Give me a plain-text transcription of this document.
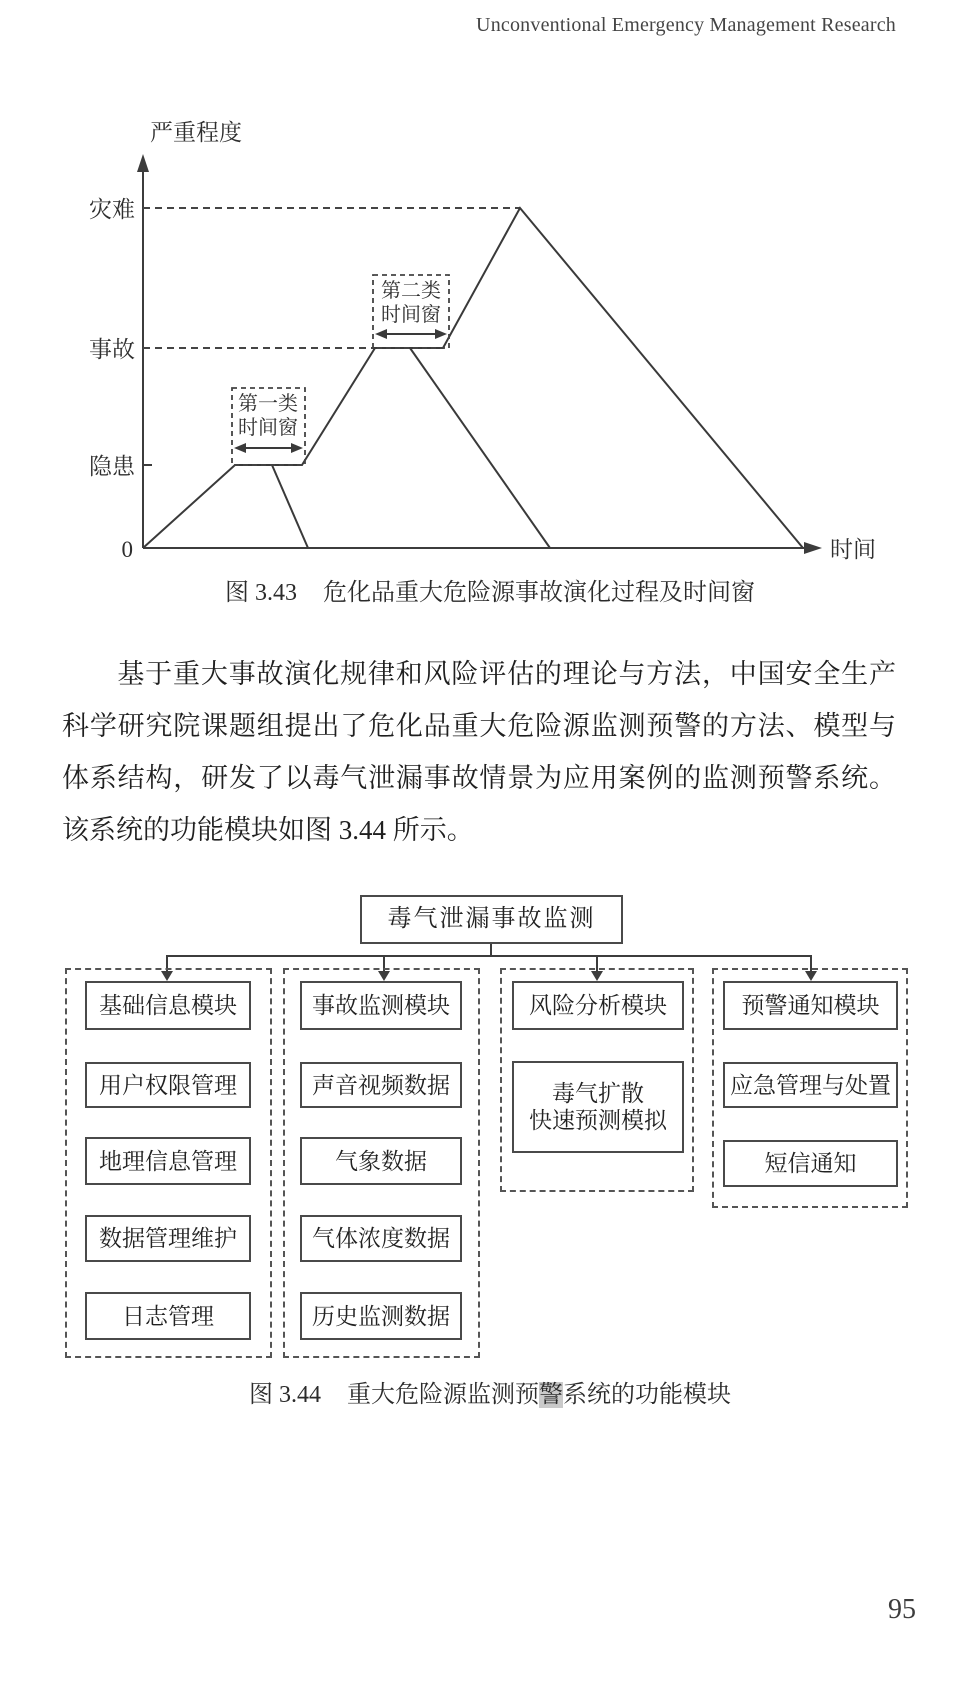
Unconventional Emergency Management Research
严重程度
时间
灾难
事故
隐患
0
第一类
时间窗
第二类
时间窗
图 3.43 危化品重大危险源事故演化过程及时间窗
基于重大事故演化规律和风险评估的理论与方法，中国安全生产科学研究院课题组提出了危化品重大危险源监测预警的方法、模型与体系结构，研发了以毒气泄漏事故情景为应用案例的监测预警系统。该系统的功能模块如图 3.44 所示。
毒气泄漏事故监测
基础信息模块
用户权限管理
地理信息管理
数据管理维护
日志管理
事故监测模块
声音视频数据
气象数据
气体浓度数据
历史监测数据
风险分析模块
毒气扩散
快速预测模拟
预警通知模块
应急管理与处置
短信通知
图 3.44 重大危险源监测预警系统的功能模块
95
